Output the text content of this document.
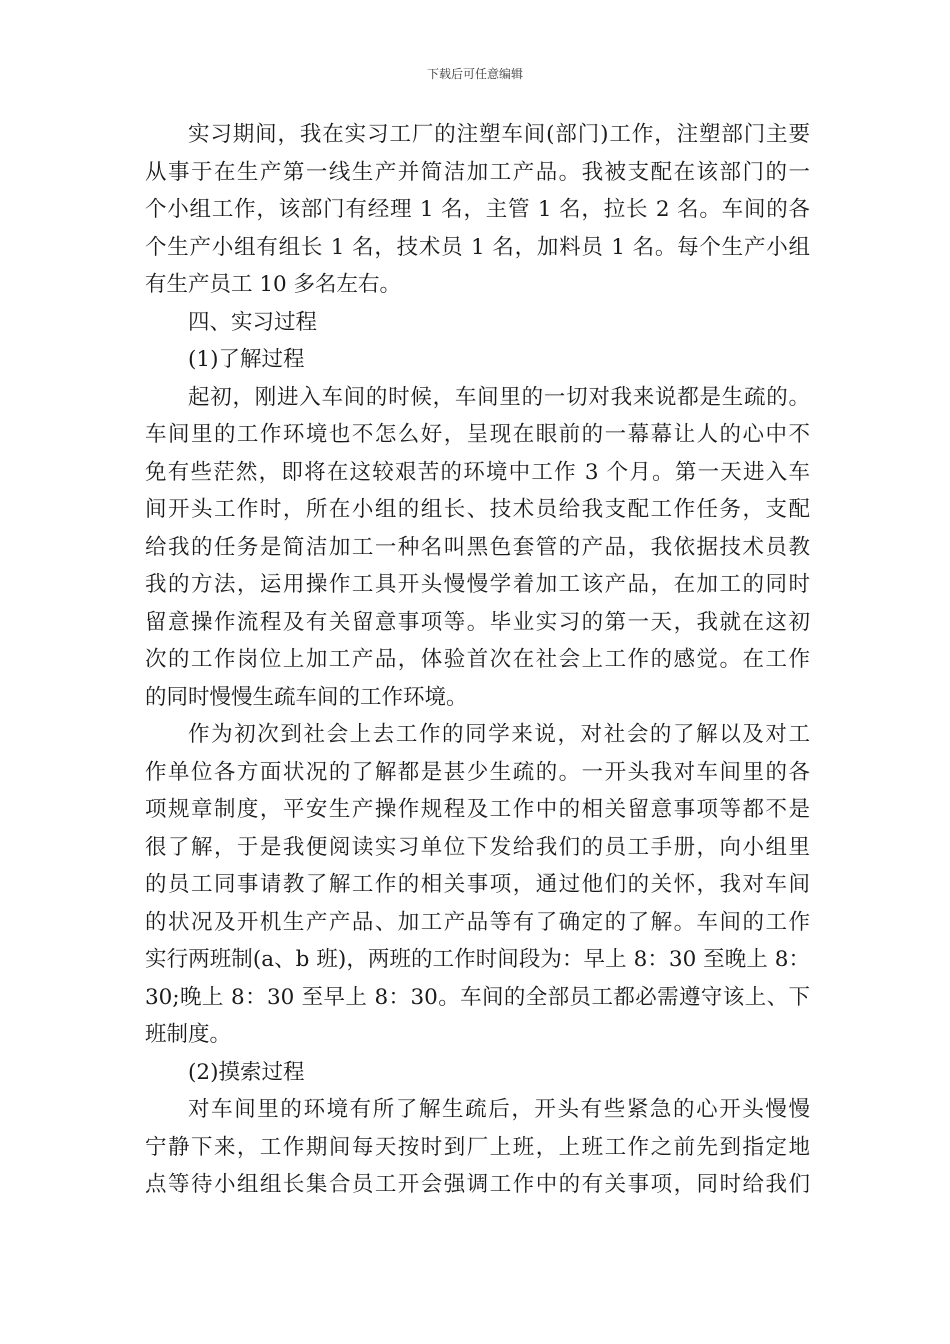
下载后可任意编辑
实习期间，我在实习工厂的注塑车间(部门)工作，注塑部门主要
从事于在生产第一线生产并简洁加工产品。我被支配在该部门的一
个小组工作，该部门有经理 1 名，主管 1 名，拉长 2 名。车间的各
个生产小组有组长 1 名，技术员 1 名，加料员 1 名。每个生产小组
有生产员工 10 多名左右。
四、实习过程
(1)了解过程
起初，刚进入车间的时候，车间里的一切对我来说都是生疏的。
车间里的工作环境也不怎么好，呈现在眼前的一幕幕让人的心中不
免有些茫然，即将在这较艰苦的环境中工作 3 个月。第一天进入车
间开头工作时，所在小组的组长、技术员给我支配工作任务，支配
给我的任务是简洁加工一种名叫黑色套管的产品，我依据技术员教
我的方法，运用操作工具开头慢慢学着加工该产品，在加工的同时
留意操作流程及有关留意事项等。毕业实习的第一天，我就在这初
次的工作岗位上加工产品，体验首次在社会上工作的感觉。在工作
的同时慢慢生疏车间的工作环境。
作为初次到社会上去工作的同学来说，对社会的了解以及对工
作单位各方面状况的了解都是甚少生疏的。一开头我对车间里的各
项规章制度，平安生产操作规程及工作中的相关留意事项等都不是
很了解，于是我便阅读实习单位下发给我们的员工手册，向小组里
的员工同事请教了解工作的相关事项，通过他们的关怀，我对车间
的状况及开机生产产品、加工产品等有了确定的了解。车间的工作
实行两班制(a、b 班)，两班的工作时间段为：早上 8：30 至晚上 8：
30;晚上 8：30 至早上 8：30。车间的全部员工都必需遵守该上、下
班制度。
(2)摸索过程
对车间里的环境有所了解生疏后，开头有些紧急的心开头慢慢
宁静下来，工作期间每天按时到厂上班，上班工作之前先到指定地
点等待小组组长集合员工开会强调工作中的有关事项，同时给我们
